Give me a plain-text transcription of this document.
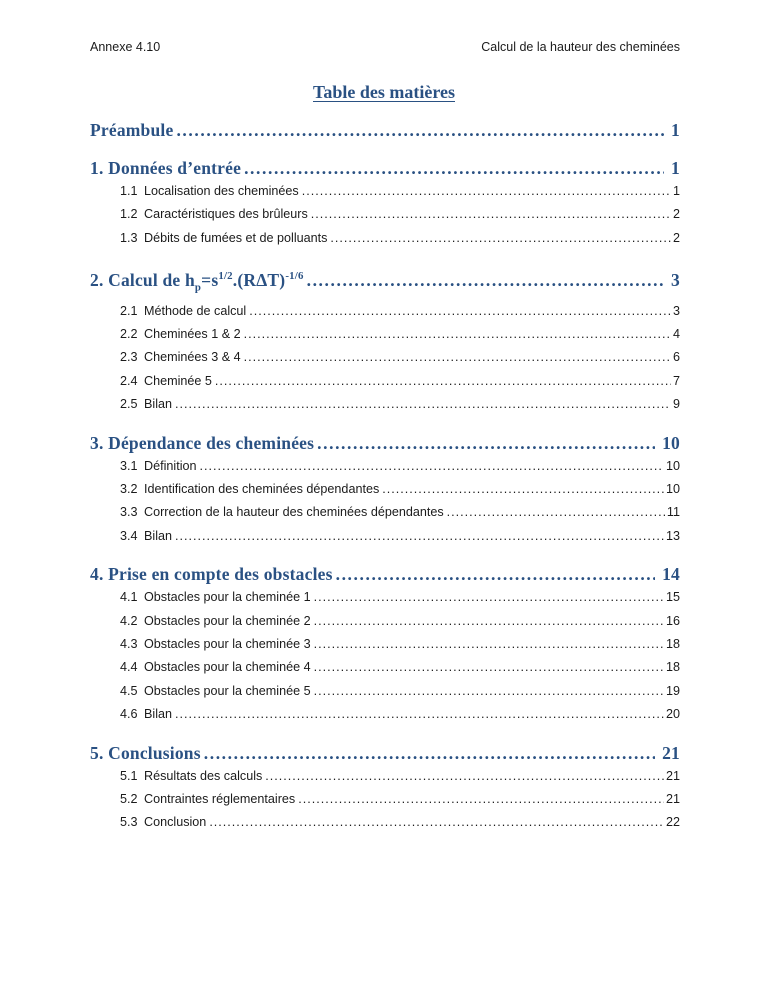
Annexe 4.10	Calcul de la hauteur des cheminées
Table des matières
Préambule .....	1
1. Données d’entrée .....	1
1.1 Localisation des cheminées .....	1
1.2 Caractéristiques des brûleurs .....	2
1.3 Débits de fumées et de polluants .....	2
2. Calcul de $h_p=s^{1/2}.(R\Delta T)^{-1/6}$ .....	3
2.1 Méthode de calcul .....	3
2.2 Cheminées 1 & 2 .....	4
2.3 Cheminées 3 & 4 .....	6
2.4 Cheminée 5 .....	7
2.5 Bilan .....	9
3. Dépendance des cheminées .....	10
3.1 Définition .....	10
3.2 Identification des cheminées dépendantes .....	10
3.3 Correction de la hauteur des cheminées dépendantes .....	11
3.4 Bilan .....	13
4. Prise en compte des obstacles .....	14
4.1 Obstacles pour la cheminée 1 .....	15
4.2 Obstacles pour la cheminée 2 .....	16
4.3 Obstacles pour la cheminée 3 .....	18
4.4 Obstacles pour la cheminée 4 .....	18
4.5 Obstacles pour la cheminée 5 .....	19
4.6 Bilan .....	20
5. Conclusions .....	21
5.1 Résultats des calculs .....	21
5.2 Contraintes réglementaires .....	21
5.3 Conclusion .....	22
